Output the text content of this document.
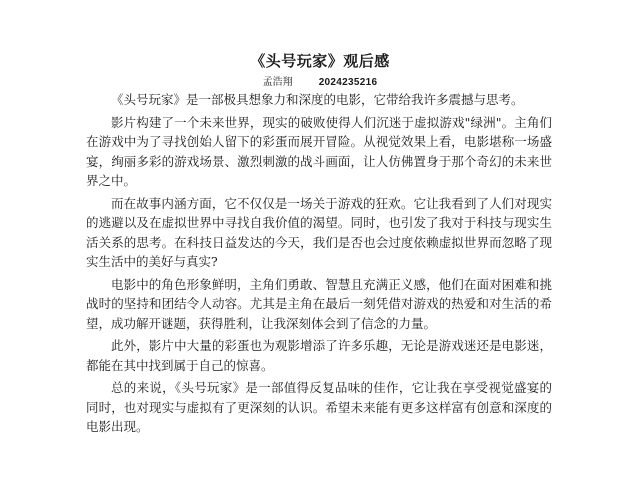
《头号玩家》观后感
孟浩翔	2024235216

《头号玩家》是一部极具想象力和深度的电影，它带给我许多震撼与思考。

影片构建了一个未来世界，现实的破败使得人们沉迷于虚拟游戏"绿洲"。主角们在游戏中为了寻找创始人留下的彩蛋而展开冒险。从视觉效果上看，电影堪称一场盛宴，绚丽多彩的游戏场景、激烈刺激的战斗画面，让人仿佛置身于那个奇幻的未来世界之中。

而在故事内涵方面，它不仅仅是一场关于游戏的狂欢。它让我看到了人们对现实的逃避以及在虚拟世界中寻找自我价值的渴望。同时，也引发了我对于科技与现实生活关系的思考。在科技日益发达的今天，我们是否也会过度依赖虚拟世界而忽略了现实生活中的美好与真实?

电影中的角色形象鲜明，主角们勇敢、智慧且充满正义感，他们在面对困难和挑战时的坚持和团结令人动容。尤其是主角在最后一刻凭借对游戏的热爱和对生活的希望，成功解开谜题，获得胜利，让我深刻体会到了信念的力量。

此外，影片中大量的彩蛋也为观影增添了许多乐趣，无论是游戏迷还是电影迷，都能在其中找到属于自己的惊喜。

总的来说，《头号玩家》是一部值得反复品味的佳作，它让我在享受视觉盛宴的同时，也对现实与虚拟有了更深刻的认识。希望未来能有更多这样富有创意和深度的电影出现。
